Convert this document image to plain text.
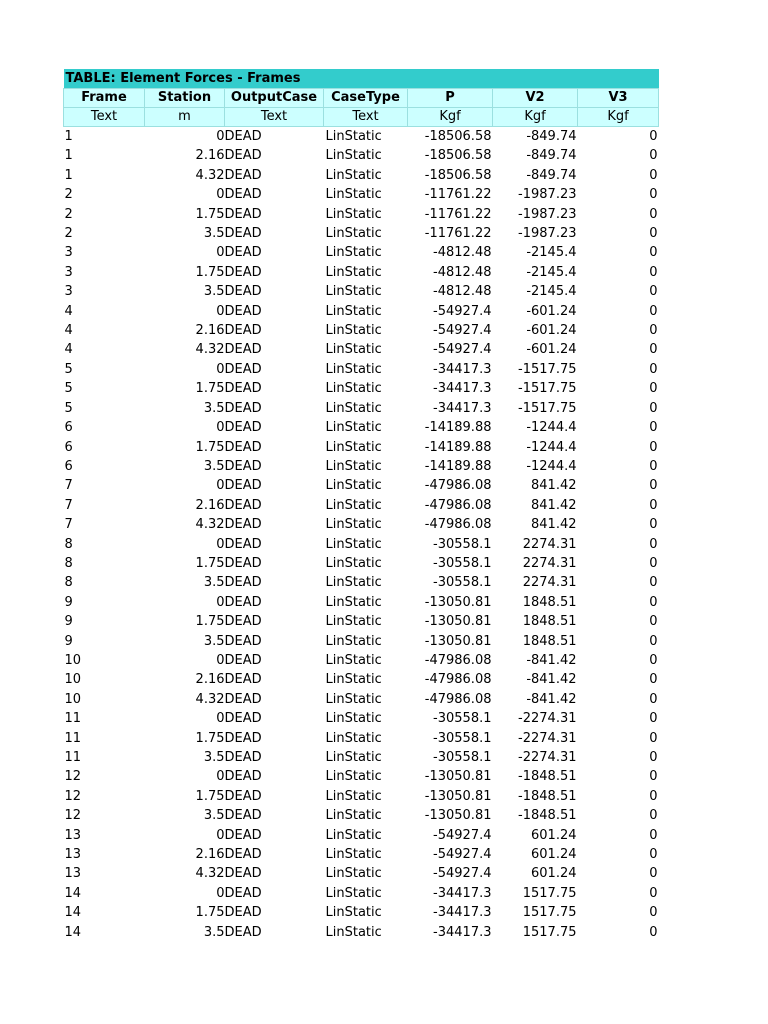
TABLE: Element Forces - Frames						
Frame	Station	OutputCase	CaseType	P	V2	V3
Text	m	Text	Text	Kgf	Kgf	Kgf
1	0	DEAD	LinStatic	-18506.58	-849.74	0
1	2.16	DEAD	LinStatic	-18506.58	-849.74	0
1	4.32	DEAD	LinStatic	-18506.58	-849.74	0
2	0	DEAD	LinStatic	-11761.22	-1987.23	0
2	1.75	DEAD	LinStatic	-11761.22	-1987.23	0
2	3.5	DEAD	LinStatic	-11761.22	-1987.23	0
3	0	DEAD	LinStatic	-4812.48	-2145.4	0
3	1.75	DEAD	LinStatic	-4812.48	-2145.4	0
3	3.5	DEAD	LinStatic	-4812.48	-2145.4	0
4	0	DEAD	LinStatic	-54927.4	-601.24	0
4	2.16	DEAD	LinStatic	-54927.4	-601.24	0
4	4.32	DEAD	LinStatic	-54927.4	-601.24	0
5	0	DEAD	LinStatic	-34417.3	-1517.75	0
5	1.75	DEAD	LinStatic	-34417.3	-1517.75	0
5	3.5	DEAD	LinStatic	-34417.3	-1517.75	0
6	0	DEAD	LinStatic	-14189.88	-1244.4	0
6	1.75	DEAD	LinStatic	-14189.88	-1244.4	0
6	3.5	DEAD	LinStatic	-14189.88	-1244.4	0
7	0	DEAD	LinStatic	-47986.08	841.42	0
7	2.16	DEAD	LinStatic	-47986.08	841.42	0
7	4.32	DEAD	LinStatic	-47986.08	841.42	0
8	0	DEAD	LinStatic	-30558.1	2274.31	0
8	1.75	DEAD	LinStatic	-30558.1	2274.31	0
8	3.5	DEAD	LinStatic	-30558.1	2274.31	0
9	0	DEAD	LinStatic	-13050.81	1848.51	0
9	1.75	DEAD	LinStatic	-13050.81	1848.51	0
9	3.5	DEAD	LinStatic	-13050.81	1848.51	0
10	0	DEAD	LinStatic	-47986.08	-841.42	0
10	2.16	DEAD	LinStatic	-47986.08	-841.42	0
10	4.32	DEAD	LinStatic	-47986.08	-841.42	0
11	0	DEAD	LinStatic	-30558.1	-2274.31	0
11	1.75	DEAD	LinStatic	-30558.1	-2274.31	0
11	3.5	DEAD	LinStatic	-30558.1	-2274.31	0
12	0	DEAD	LinStatic	-13050.81	-1848.51	0
12	1.75	DEAD	LinStatic	-13050.81	-1848.51	0
12	3.5	DEAD	LinStatic	-13050.81	-1848.51	0
13	0	DEAD	LinStatic	-54927.4	601.24	0
13	2.16	DEAD	LinStatic	-54927.4	601.24	0
13	4.32	DEAD	LinStatic	-54927.4	601.24	0
14	0	DEAD	LinStatic	-34417.3	1517.75	0
14	1.75	DEAD	LinStatic	-34417.3	1517.75	0
14	3.5	DEAD	LinStatic	-34417.3	1517.75	0
